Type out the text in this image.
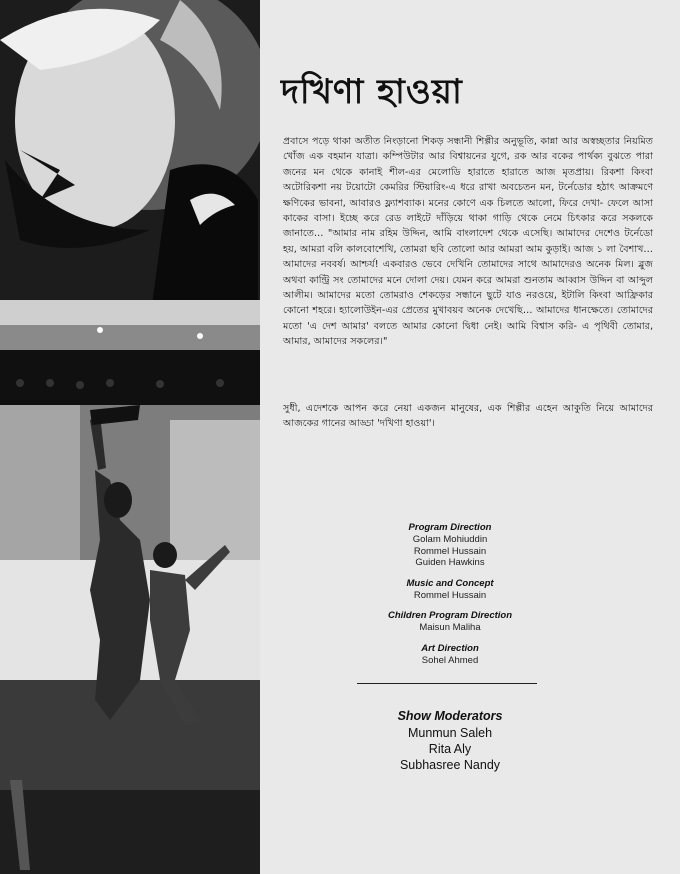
দখিণা হাওয়া

প্রবাসে পড়ে থাকা অতীত নিংড়ানো শিকড় সন্ধানী শিল্পীর অনুভূতি, কান্না আর অস্বচ্ছতার নিয়মিত খোঁজ এক বহমান যাত্রা। কম্পিউটার আর বিশ্বায়নের যুগে, রক আর বকের পার্থক্য বুঝতে পারা জনের মন থেকে কানাই শীল-এর মেলোডি হারাতে হারাতে আজ মৃতপ্রায়। রিকশা কিংবা অটোরিকশা নয় টয়োটো কেমরির স্টিয়ারিং-এ ধরে রাখা অবচেতন মন, টর্নেডোর হঠাৎ আক্রমণে ক্ষণিকের ভাবনা, আবারও ফ্ল্যাশব্যাক। মনের কোণে এক চিলতে আলো, ফিরে দেখা- ফেলে আসা কাকের বাসা। ইচ্ছে করে রেড লাইটে দাঁড়িয়ে থাকা গাড়ি থেকে নেমে চিৎকার করে সকলকে জানাতে… "আমার নাম রহিম উদ্দিন, আমি বাংলাদেশ থেকে এসেছি। আমাদের দেশেও টর্নেডো হয়, আমরা বলি কালবোশেখি, তোমরা ছবি তোলো আর আমরা আম কুড়াই। আজ ১ লা বৈশাখ… আমাদের নববর্ষ। আশ্চর্য! একবারও ভেবে দেখিনি তোমাদের সাথে আমাদেরও অনেক মিল। ব্লুজ অথবা কান্ট্রি সং তোমাদের মনে দোলা দেয়। যেমন করে আমরা শুনতাম আব্বাস উদ্দিন বা আব্দুল আলীম। আমাদের মতো তোমরাও শেকড়ের সন্ধানে ছুটে যাও নরওয়ে, ইটালি কিংবা আফ্রিকার কোনো শহরে। হ্যালোউইন-এর প্রেতের মুখাবয়ব অনেক দেখেছি… আমাদের ধানক্ষেতে। তোমাদের মতো 'এ দেশ আমার' বলতে আমার কোনো দ্বিধা নেই। আমি বিশ্বাস করি- এ পৃথিবী তোমার, আমার, আমাদের সকলের।"

সুধী, এদেশকে আপন করে নেয়া একজন মানুষের, এক শিল্পীর এহেন আকুতি নিয়ে আমাদের আজকের গানের আড্ডা 'দখিণা হাওয়া'।

Program Direction
Golam Mohiuddin
Rommel Hussain
Guiden Hawkins
Music and Concept
Rommel Hussain
Children Program Direction
Maisun Maliha
Art Direction
Sohel Ahmed
Show Moderators
Munmun Saleh
Rita Aly
Subhasree Nandy
